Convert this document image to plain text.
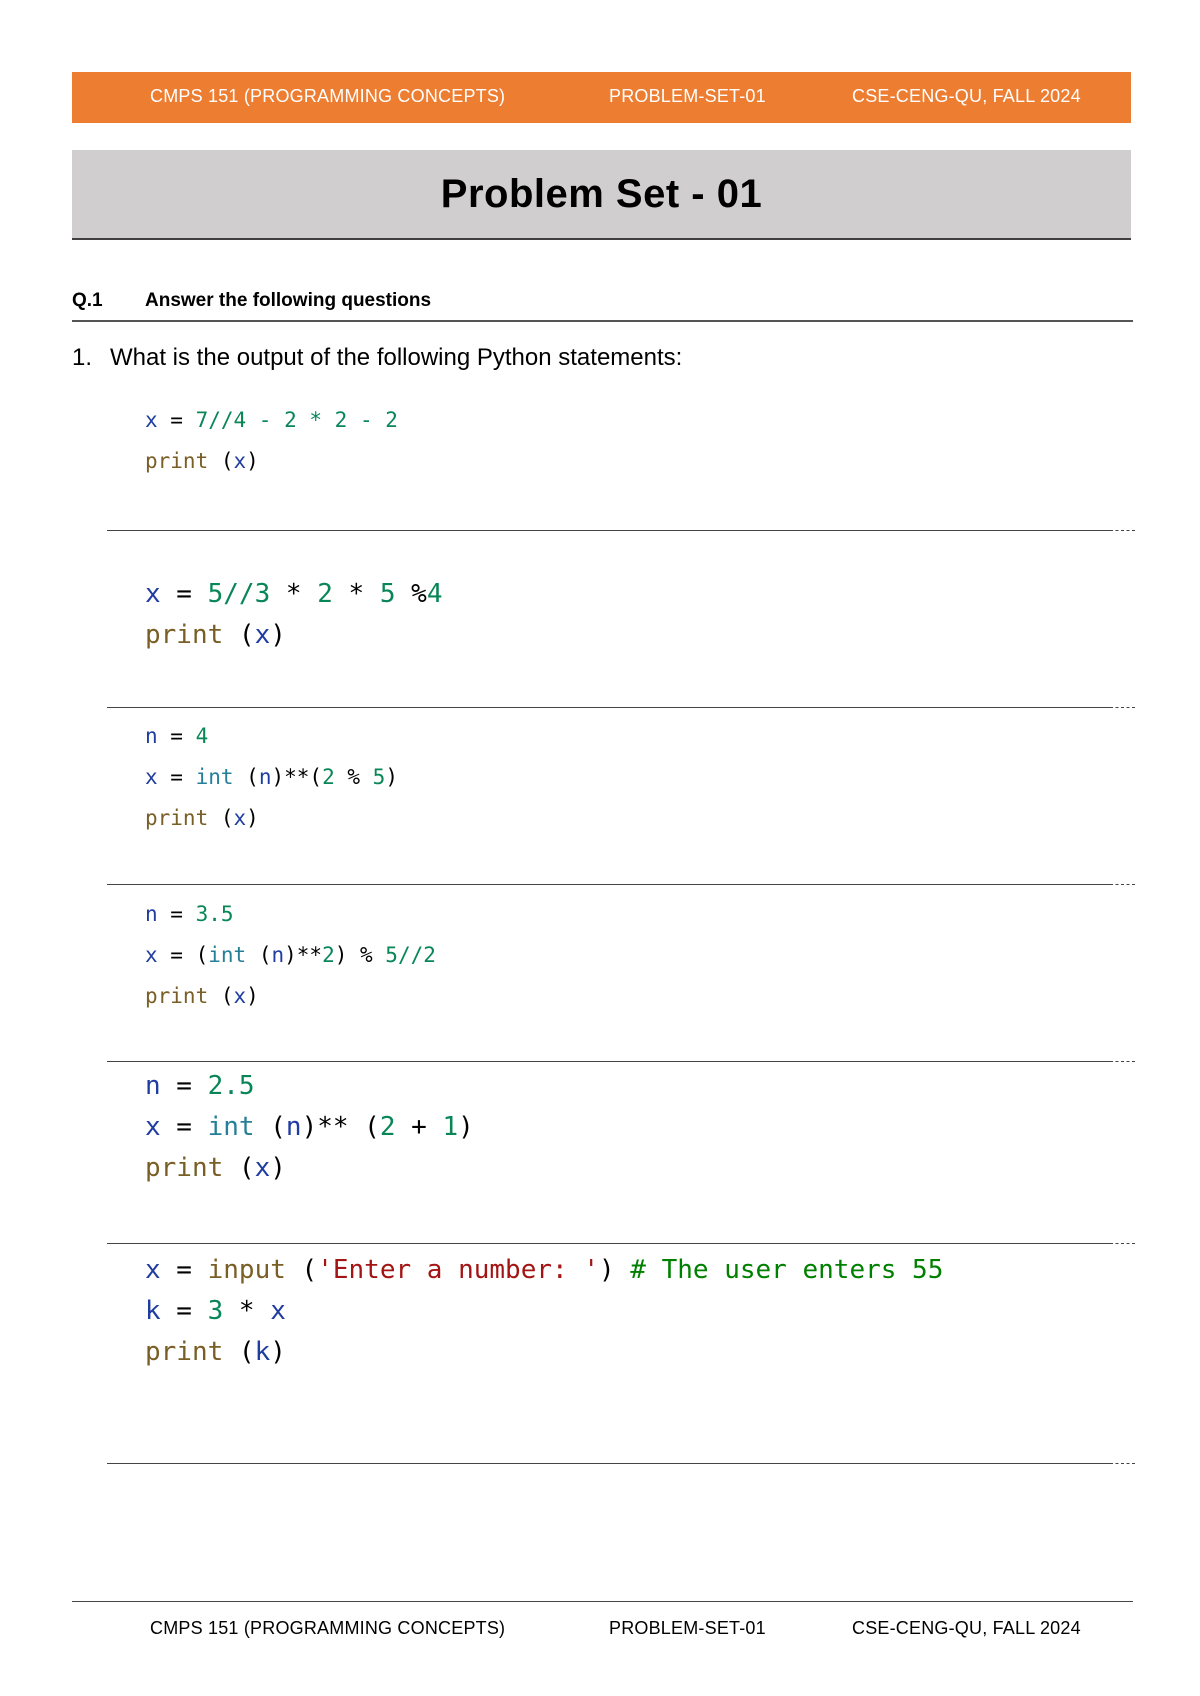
CMPS 151 (PROGRAMMING CONCEPTS)	PROBLEM-SET-01	CSE-CENG-QU, FALL 2024
Problem Set - 01
Q.1 Answer the following questions
1. What is the output of the following Python statements:
x = 7//4 - 2 * 2 - 2
print (x)
x = 5//3 * 2 * 5 %4
print (x)
n = 4
x = int (n)**(2 % 5)
print (x)
n = 3.5
x = (int (n)**2) % 5//2
print (x)
n = 2.5
x = int (n)** (2 + 1)
print (x)
x = input ('Enter a number: ') # The user enters 55
k = 3 * x
print (k)
CMPS 151 (PROGRAMMING CONCEPTS)	PROBLEM-SET-01	CSE-CENG-QU, FALL 2024
